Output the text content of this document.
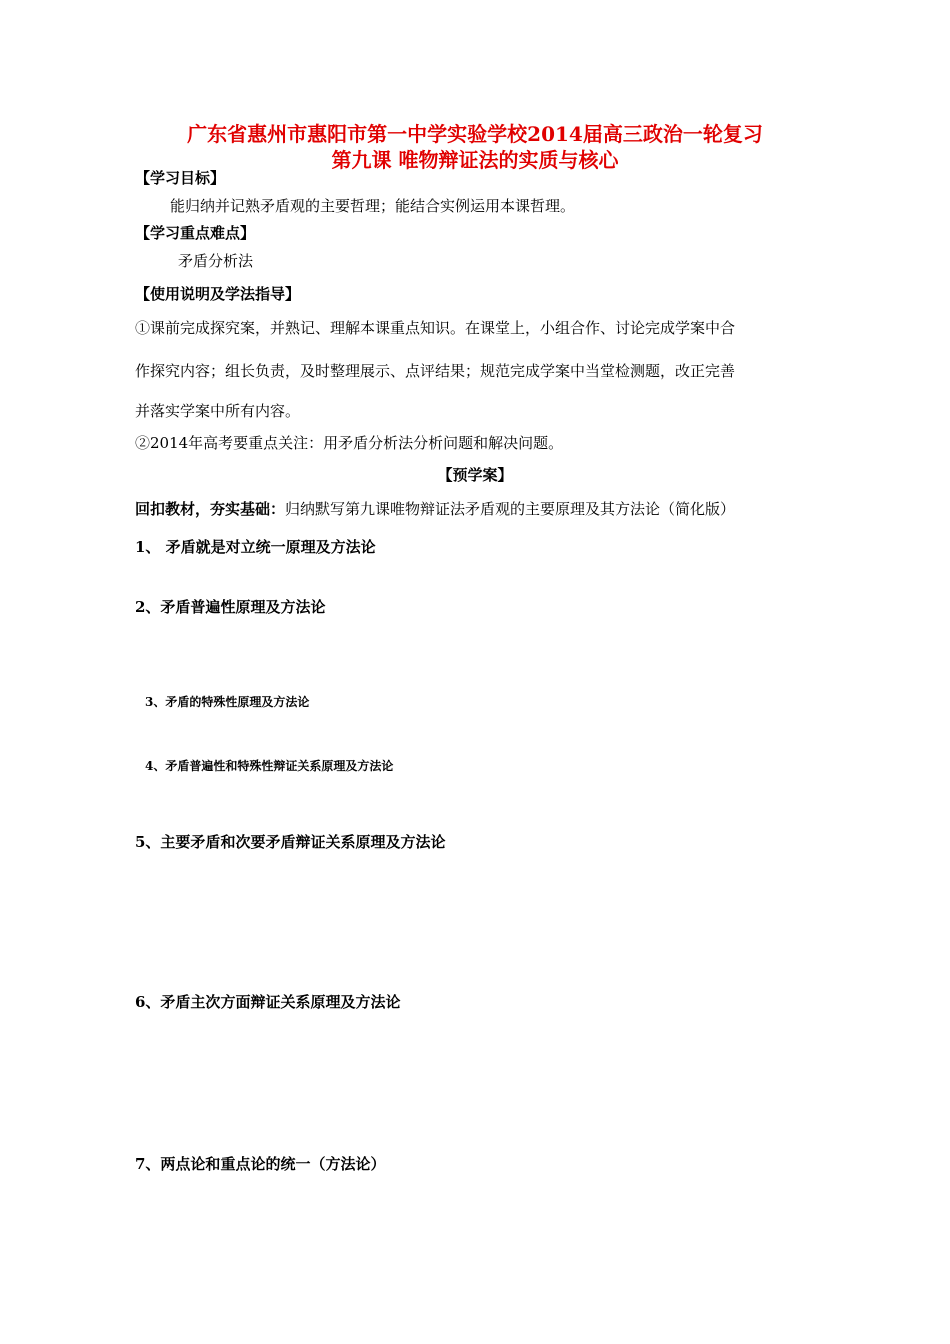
广东省惠州市惠阳市第一中学实验学校2014届高三政治一轮复习
第九课 唯物辩证法的实质与核心
【学习目标】
能归纳并记熟矛盾观的主要哲理；能结合实例运用本课哲理。
【学习重点难点】
矛盾分析法
【使用说明及学法指导】
①课前完成探究案，并熟记、理解本课重点知识。在课堂上，小组合作、讨论完成学案中合
作探究内容；组长负责，及时整理展示、点评结果；规范完成学案中当堂检测题，改正完善
并落实学案中所有内容。
②2014年高考要重点关注：用矛盾分析法分析问题和解决问题。
【预学案】
回扣教材，夯实基础：归纳默写第九课唯物辩证法矛盾观的主要原理及其方法论（简化版）
1、 矛盾就是对立统一原理及方法论
2、矛盾普遍性原理及方法论
3、矛盾的特殊性原理及方法论
4、矛盾普遍性和特殊性辩证关系原理及方法论
5、主要矛盾和次要矛盾辩证关系原理及方法论
6、矛盾主次方面辩证关系原理及方法论
7、两点论和重点论的统一（方法论）
